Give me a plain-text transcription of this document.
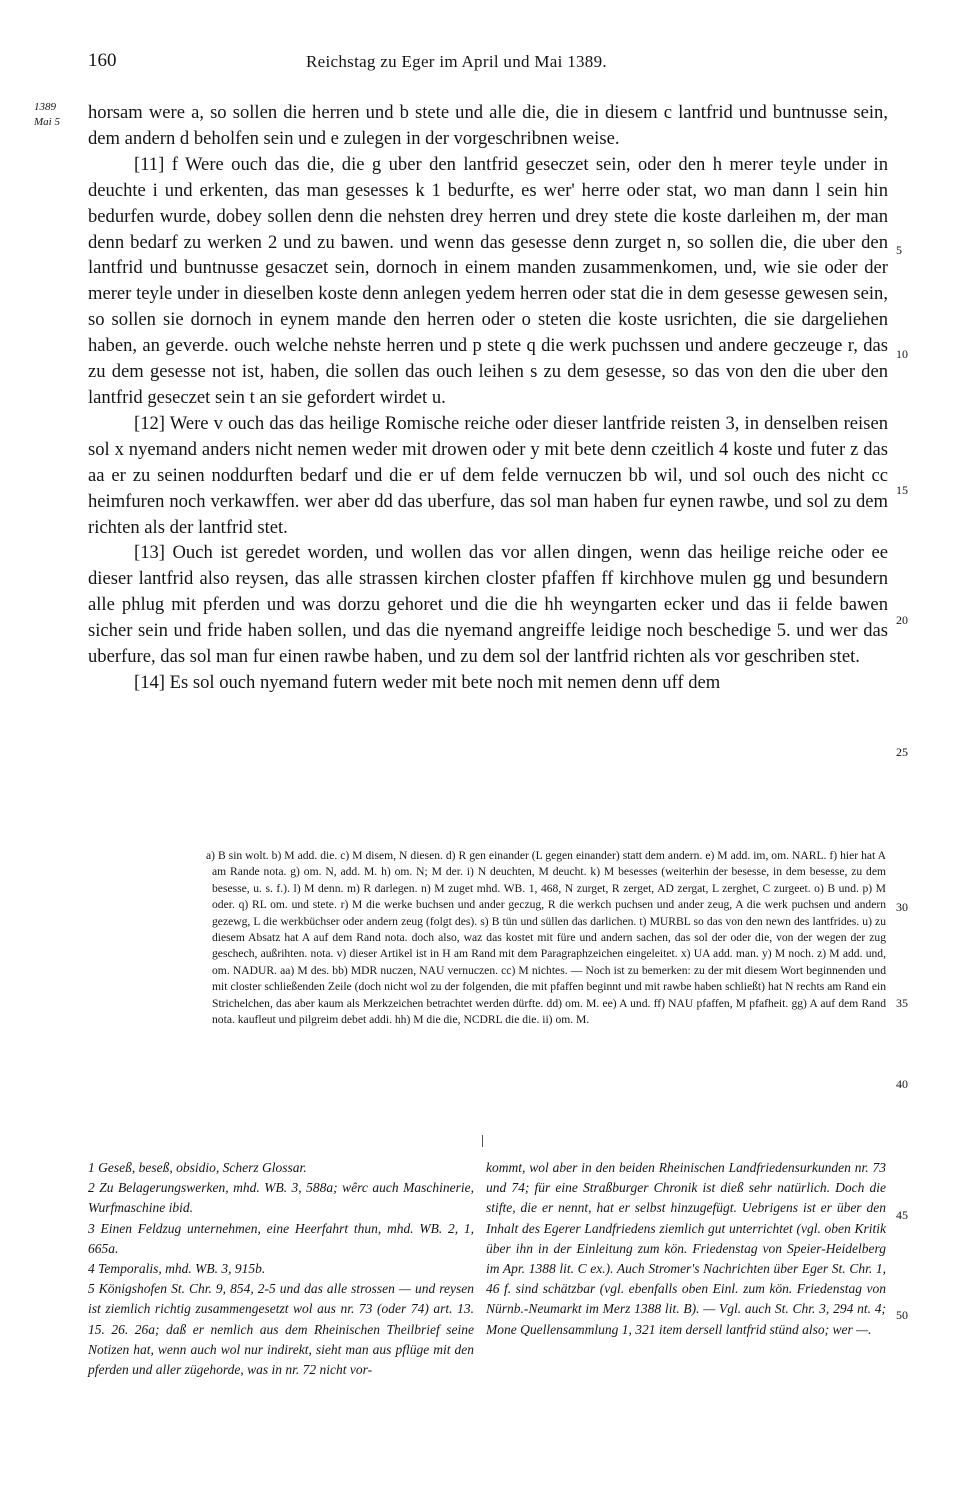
160	Reichstag zu Eger im April und Mai 1389.
1389
Mai 5
5
10
15
20
25
30
35
40
45
50

horsam were a, so sollen die herren und b stete und alle die, die in diesem c lantfrid und buntnusse sein, dem andern d beholfen sein und e zulegen in der vorgeschribnen weise.

[11] f Were ouch das die, die g uber den lantfrid geseczet sein, oder den h merer teyle under in deuchte i und erkenten, das man gesesses k 1 bedurfte, es wer' herre oder stat, wo man dann l sein hin bedurfen wurde, dobey sollen denn die nehsten drey herren und drey stete die koste darleihen m, der man denn bedarf zu werken 2 und zu bawen. und wenn das gesesse denn zurget n, so sollen die, die uber den lantfrid und buntnusse gesaczet sein, dornoch in einem manden zusammenkomen, und, wie sie oder der merer teyle under in dieselben koste denn anlegen yedem herren oder stat die in dem gesesse gewesen sein, so sollen sie dornoch in eynem mande den herren oder o steten die koste usrichten, die sie dargeliehen haben, an geverde. ouch welche nehste herren und p stete q die werk puchssen und andere geczeuge r, das zu dem gesesse not ist, haben, die sollen das ouch leihen s zu dem gesesse, so das von den die uber den lantfrid geseczet sein t an sie gefordert wirdet u.

[12] Were v ouch das das heilige Romische reiche oder dieser lantfride reisten 3, in denselben reisen sol x nyemand anders nicht nemen weder mit drowen oder y mit bete denn czeitlich 4 koste und futer z das aa er zu seinen noddurften bedarf und die er uf dem felde vernuczen bb wil, und sol ouch des nicht cc heimfuren noch verkawffen. wer aber dd das uberfure, das sol man haben fur eynen rawbe, und sol zu dem richten als der lantfrid stet.

[13] Ouch ist geredet worden, und wollen das vor allen dingen, wenn das heilige reiche oder ee dieser lantfrid also reysen, das alle strassen kirchen closter pfaffen ff kirchhove mulen gg und besundern alle phlug mit pferden und was dorzu gehoret und die die hh weyngarten ecker und das ii felde bawen sicher sein und fride haben sollen, und das die nyemand angreiffe leidige noch beschedige 5. und wer das uberfure, das sol man fur einen rawbe haben, und zu dem sol der lantfrid richten als vor geschriben stet.

[14] Es sol ouch nyemand futern weder mit bete noch mit nemen denn uff dem

a) B sin wolt. b) M add. die. c) M disem, N diesen. d) R gen einander (L gegen einander) statt dem andern. e) M add. im, om. NARL. f) hier hat A am Rande nota. g) om. N, add. M. h) om. N; M der. i) N deuchten, M deucht. k) M besesses (weiterhin der besesse, in dem besesse, zu dem besesse, u. s. f.). l) M denn. m) R darlegen. n) M zuget mhd. WB. 1, 468, N zurget, R zerget, AD zergat, L zerghet, C zurgeet. o) B und. p) M oder. q) RL om. und stete. r) M die werke buchsen und ander geczug, R die werkch puchsen und ander zeug, A die werk puchsen und andern gezewg, L die werkbüchser oder andern zeug (folgt des). s) B tün und süllen das darlichen. t) MURBL so das von den newn des lantfrides. u) zu diesem Absatz hat A auf dem Rand nota. doch also, waz das kostet mit füre und andern sachen, das sol der oder die, von der wegen der zug geschech, außrihten. nota. v) dieser Artikel ist in H am Rand mit dem Paragraphzeichen eingeleitet. x) UA add. man. y) M noch. z) M add. und, om. NADUR. aa) M des. bb) MDR nuczen, NAU vernuczen. cc) M nichtes. — Noch ist zu bemerken: zu der mit diesem Wort beginnenden und mit closter schließenden Zeile (doch nicht wol zu der folgenden, die mit pfaffen beginnt und mit rawbe haben schließt) hat N rechts am Rand ein Strichelchen, das aber kaum als Merkzeichen betrachtet werden dürfte. dd) om. M. ee) A und. ff) NAU pfaffen, M pfafheit. gg) A auf dem Rand nota. kaufleut und pilgreim debet addi. hh) M die die, NCDRL die die. ii) om. M.

1 Geseß, beseß, obsidio, Scherz Glossar.

2 Zu Belagerungswerken, mhd. WB. 3, 588a; wêrc auch Maschinerie, Wurfmaschine ibid.

3 Einen Feldzug unternehmen, eine Heerfahrt thun, mhd. WB. 2, 1, 665a.

4 Temporalis, mhd. WB. 3, 915b.

5 Königshofen St. Chr. 9, 854, 2-5 und das alle strossen — und reysen ist ziemlich richtig zusammengesetzt wol aus nr. 73 (oder 74) art. 13. 15. 26. 26a; daß er nemlich aus dem Rheinischen Theilbrief seine Notizen hat, wenn auch wol nur indirekt, sieht man aus pflüge mit den pferden und aller zügehorde, was in nr. 72 nicht vor-

kommt, wol aber in den beiden Rheinischen Landfriedensurkunden nr. 73 und 74; für eine Straßburger Chronik ist dieß sehr natürlich. Doch die stifte, die er nennt, hat er selbst hinzugefügt. Uebrigens ist er über den Inhalt des Egerer Landfriedens ziemlich gut unterrichtet (vgl. oben Kritik über ihn in der Einleitung zum kön. Friedenstag von Speier-Heidelberg im Apr. 1388 lit. C ex.). Auch Stromer's Nachrichten über Eger St. Chr. 1, 46 f. sind schätzbar (vgl. ebenfalls oben Einl. zum kön. Friedenstag von Nürnb.-Neumarkt im Merz 1388 lit. B). — Vgl. auch St. Chr. 3, 294 nt. 4; Mone Quellensammlung 1, 321 item dersell lantfrid stünd also; wer —.
